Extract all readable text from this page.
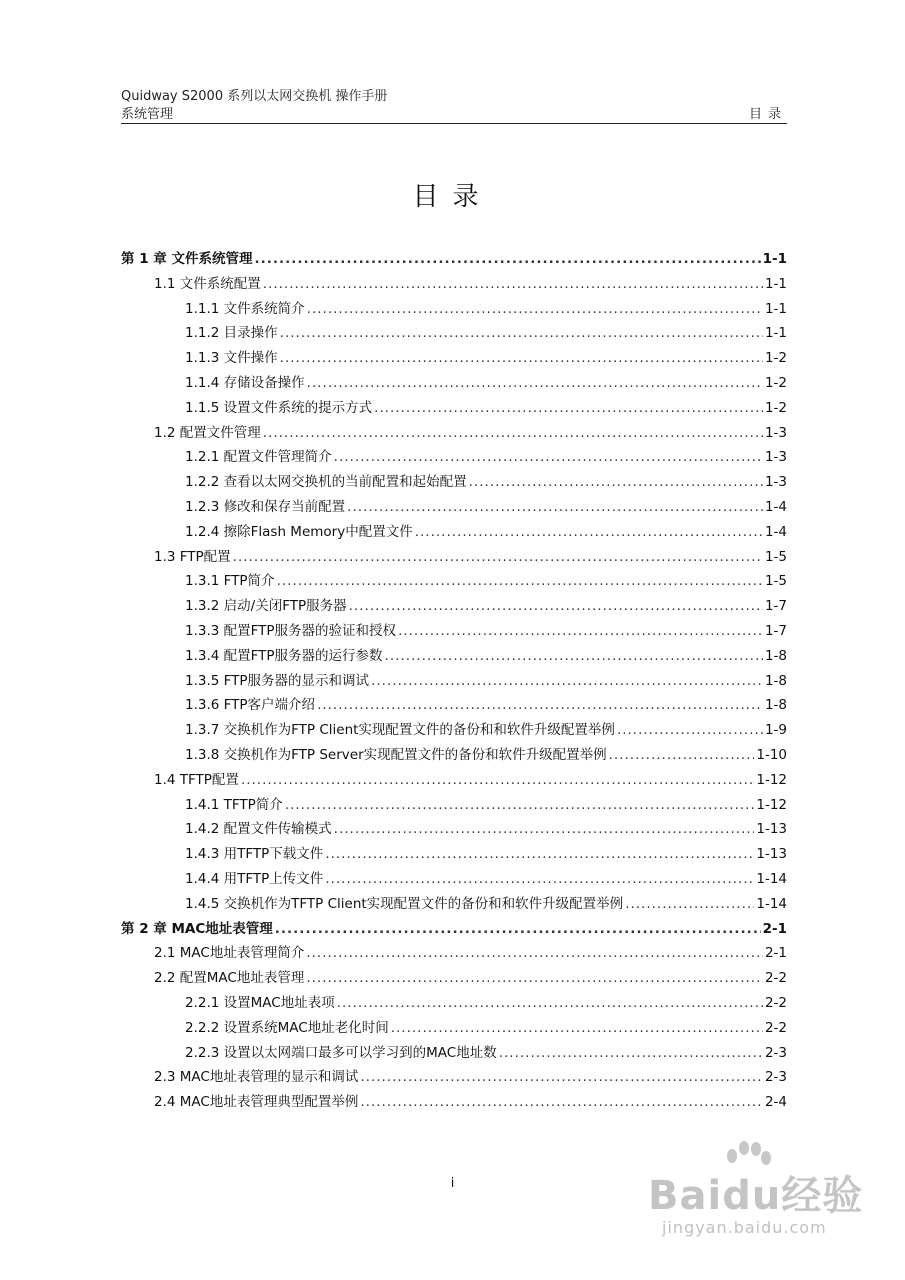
Quidway S2000 系列以太网交换机 操作手册
系统管理	目录
目录
第 1 章 文件系统管理 .....	1-1
1.1 文件系统配置 .....	1-1
1.1.1 文件系统简介 .....	1-1
1.1.2 目录操作 .....	1-1
1.1.3 文件操作 .....	1-2
1.1.4 存储设备操作 .....	1-2
1.1.5 设置文件系统的提示方式 .....	1-2
1.2 配置文件管理 .....	1-3
1.2.1 配置文件管理简介 .....	1-3
1.2.2 查看以太网交换机的当前配置和起始配置 .....	1-3
1.2.3 修改和保存当前配置 .....	1-4
1.2.4 擦除Flash Memory中配置文件 .....	1-4
1.3 FTP配置 .....	1-5
1.3.1 FTP简介 .....	1-5
1.3.2 启动/关闭FTP服务器 .....	1-7
1.3.3 配置FTP服务器的验证和授权 .....	1-7
1.3.4 配置FTP服务器的运行参数 .....	1-8
1.3.5 FTP服务器的显示和调试 .....	1-8
1.3.6 FTP客户端介绍 .....	1-8
1.3.7 交换机作为FTP Client实现配置文件的备份和和软件升级配置举例 .....	1-9
1.3.8 交换机作为FTP Server实现配置文件的备份和软件升级配置举例 .....	1-10
1.4 TFTP配置 .....	1-12
1.4.1 TFTP简介 .....	1-12
1.4.2 配置文件传输模式 .....	1-13
1.4.3 用TFTP下载文件 .....	1-13
1.4.4 用TFTP上传文件 .....	1-14
1.4.5 交换机作为TFTP Client实现配置文件的备份和和软件升级配置举例 .....	1-14
第 2 章 MAC地址表管理 .....	2-1
2.1 MAC地址表管理简介 .....	2-1
2.2 配置MAC地址表管理 .....	2-2
2.2.1 设置MAC地址表项 .....	2-2
2.2.2 设置系统MAC地址老化时间 .....	2-2
2.2.3 设置以太网端口最多可以学习到的MAC地址数 .....	2-3
2.3 MAC地址表管理的显示和调试 .....	2-3
2.4 MAC地址表管理典型配置举例 .....	2-4
i	Baidu经验
jingyan.baidu.com
